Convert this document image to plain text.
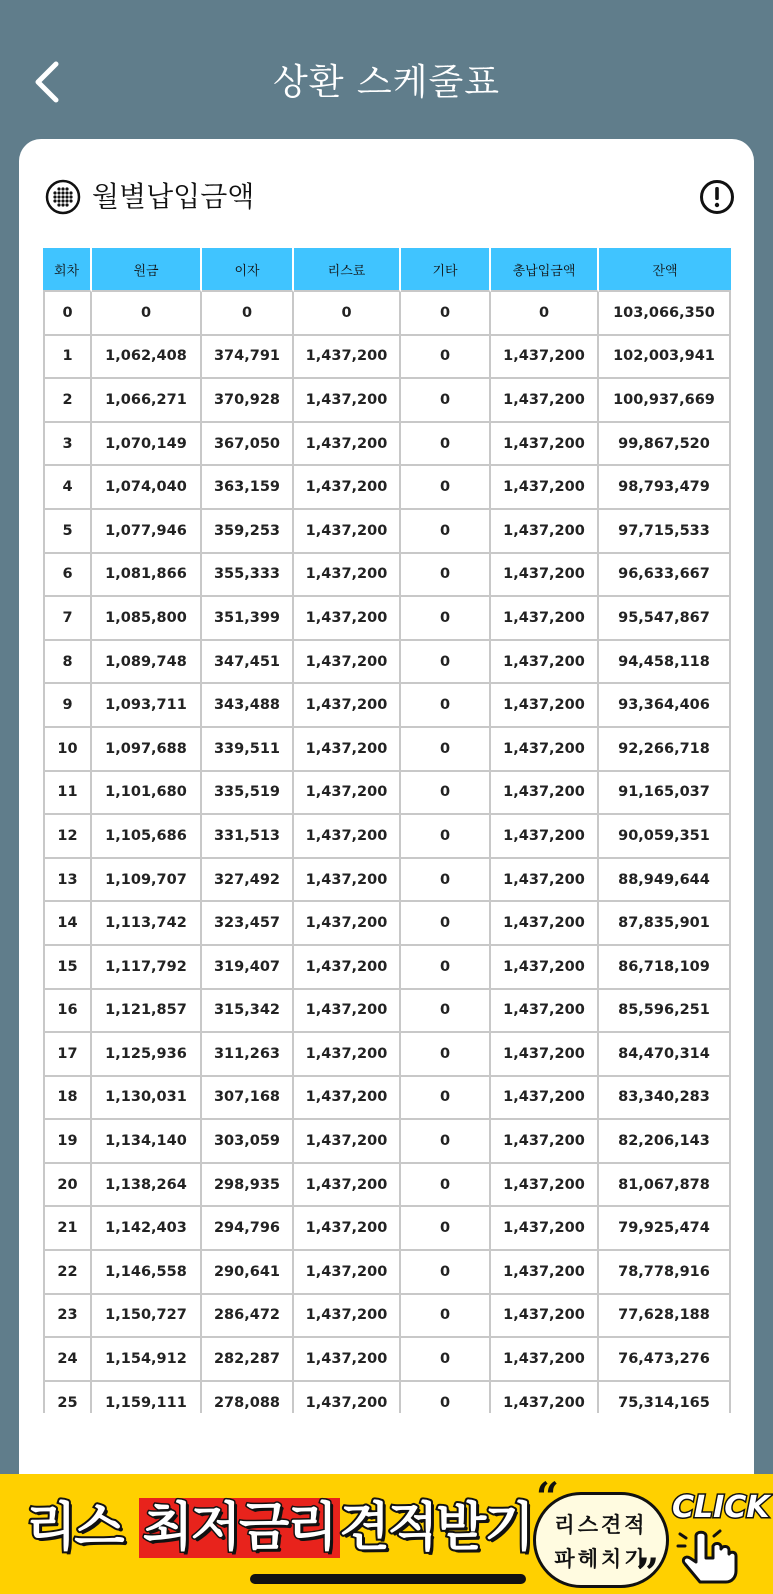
상환 스케줄표
월별납입금액
회차	원금	이자	리스료	기타	총납입금액	잔액
0	0	0	0	0	0	103,066,350
1	1,062,408	374,791	1,437,200	0	1,437,200	102,003,941
2	1,066,271	370,928	1,437,200	0	1,437,200	100,937,669
3	1,070,149	367,050	1,437,200	0	1,437,200	99,867,520
4	1,074,040	363,159	1,437,200	0	1,437,200	98,793,479
5	1,077,946	359,253	1,437,200	0	1,437,200	97,715,533
6	1,081,866	355,333	1,437,200	0	1,437,200	96,633,667
7	1,085,800	351,399	1,437,200	0	1,437,200	95,547,867
8	1,089,748	347,451	1,437,200	0	1,437,200	94,458,118
9	1,093,711	343,488	1,437,200	0	1,437,200	93,364,406
10	1,097,688	339,511	1,437,200	0	1,437,200	92,266,718
11	1,101,680	335,519	1,437,200	0	1,437,200	91,165,037
12	1,105,686	331,513	1,437,200	0	1,437,200	90,059,351
13	1,109,707	327,492	1,437,200	0	1,437,200	88,949,644
14	1,113,742	323,457	1,437,200	0	1,437,200	87,835,901
15	1,117,792	319,407	1,437,200	0	1,437,200	86,718,109
16	1,121,857	315,342	1,437,200	0	1,437,200	85,596,251
17	1,125,936	311,263	1,437,200	0	1,437,200	84,470,314
18	1,130,031	307,168	1,437,200	0	1,437,200	83,340,283
19	1,134,140	303,059	1,437,200	0	1,437,200	82,206,143
20	1,138,264	298,935	1,437,200	0	1,437,200	81,067,878
21	1,142,403	294,796	1,437,200	0	1,437,200	79,925,474
22	1,146,558	290,641	1,437,200	0	1,437,200	78,778,916
23	1,150,727	286,472	1,437,200	0	1,437,200	77,628,188
24	1,154,912	282,287	1,437,200	0	1,437,200	76,473,276
25	1,159,111	278,088	1,437,200	0	1,437,200	75,314,165
리스 최저금리견적받기	리스견적
파헤치기
“
”
CLICK
